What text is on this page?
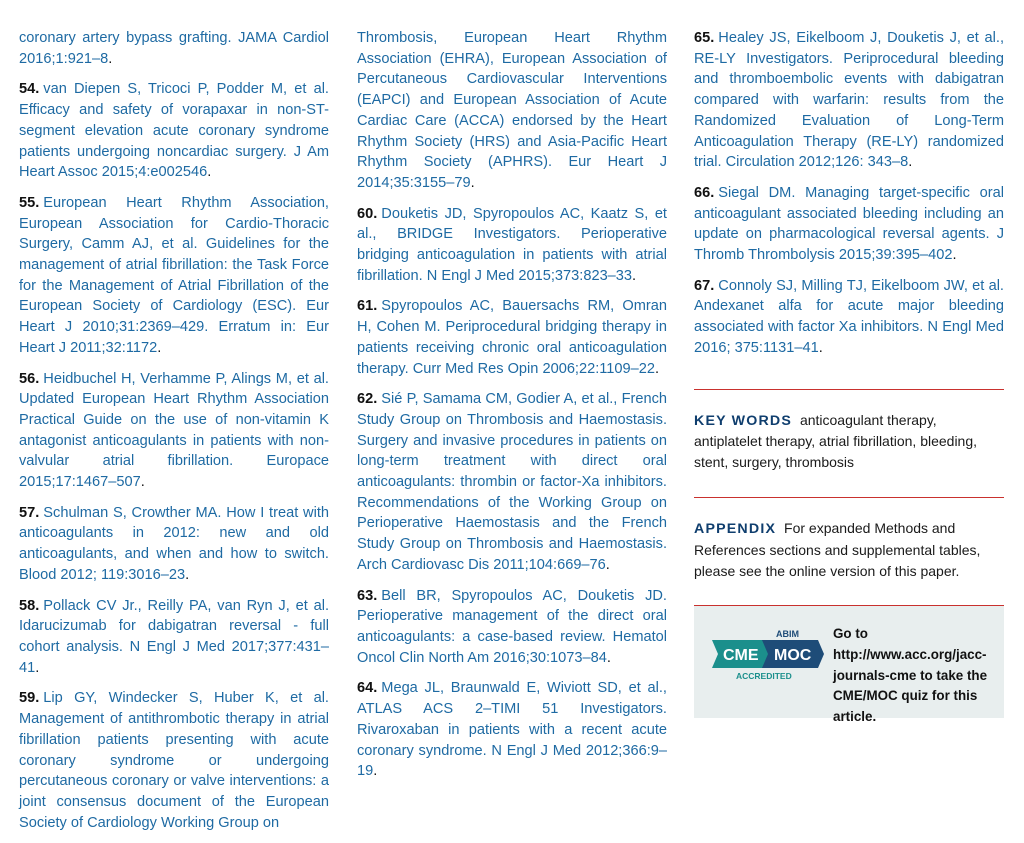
coronary artery bypass grafting. JAMA Cardiol 2016;1:921–8.

54. van Diepen S, Tricoci P, Podder M, et al. Efficacy and safety of vorapaxar in non-ST-segment elevation acute coronary syndrome patients undergoing noncardiac surgery. J Am Heart Assoc 2015;4:e002546.

55. European Heart Rhythm Association, European Association for Cardio-Thoracic Surgery, Camm AJ, et al. Guidelines for the management of atrial fibrillation: the Task Force for the Management of Atrial Fibrillation of the European Society of Cardiology (ESC). Eur Heart J 2010;31:2369–429. Erratum in: Eur Heart J 2011;32:1172.

56. Heidbuchel H, Verhamme P, Alings M, et al. Updated European Heart Rhythm Association Practical Guide on the use of non-vitamin K antagonist anticoagulants in patients with non-valvular atrial fibrillation. Europace 2015;17:1467–507.

57. Schulman S, Crowther MA. How I treat with anticoagulants in 2012: new and old anticoagulants, and when and how to switch. Blood 2012; 119:3016–23.

58. Pollack CV Jr., Reilly PA, van Ryn J, et al. Idarucizumab for dabigatran reversal - full cohort analysis. N Engl J Med 2017;377:431–41.

59. Lip GY, Windecker S, Huber K, et al. Management of antithrombotic therapy in atrial fibrillation patients presenting with acute coronary syndrome or undergoing percutaneous coronary or valve interventions: a joint consensus document of the European Society of Cardiology Working Group on

Thrombosis, European Heart Rhythm Association (EHRA), European Association of Percutaneous Cardiovascular Interventions (EAPCI) and European Association of Acute Cardiac Care (ACCA) endorsed by the Heart Rhythm Society (HRS) and Asia-Pacific Heart Rhythm Society (APHRS). Eur Heart J 2014;35:3155–79.

60. Douketis JD, Spyropoulos AC, Kaatz S, et al., BRIDGE Investigators. Perioperative bridging anticoagulation in patients with atrial fibrillation. N Engl J Med 2015;373:823–33.

61. Spyropoulos AC, Bauersachs RM, Omran H, Cohen M. Periprocedural bridging therapy in patients receiving chronic oral anticoagulation therapy. Curr Med Res Opin 2006;22:1109–22.

62. Sié P, Samama CM, Godier A, et al., French Study Group on Thrombosis and Haemostasis. Surgery and invasive procedures in patients on long-term treatment with direct oral anticoagulants: thrombin or factor-Xa inhibitors. Recommendations of the Working Group on Perioperative Haemostasis and the French Study Group on Thrombosis and Haemostasis. Arch Cardiovasc Dis 2011;104:669–76.

63. Bell BR, Spyropoulos AC, Douketis JD. Perioperative management of the direct oral anticoagulants: a case-based review. Hematol Oncol Clin North Am 2016;30:1073–84.

64. Mega JL, Braunwald E, Wiviott SD, et al., ATLAS ACS 2–TIMI 51 Investigators. Rivaroxaban in patients with a recent acute coronary syndrome. N Engl J Med 2012;366:9–19.

65. Healey JS, Eikelboom J, Douketis J, et al., RE-LY Investigators. Periprocedural bleeding and thromboembolic events with dabigatran compared with warfarin: results from the Randomized Evaluation of Long-Term Anticoagulation Therapy (RE-LY) randomized trial. Circulation 2012;126: 343–8.

66. Siegal DM. Managing target-specific oral anticoagulant associated bleeding including an update on pharmacological reversal agents. J Thromb Thrombolysis 2015;39:395–402.

67. Connoly SJ, Milling TJ, Eikelboom JW, et al. Andexanet alfa for acute major bleeding associated with factor Xa inhibitors. N Engl Med 2016; 375:1131–41.

KEY WORDS anticoagulant therapy, antiplatelet therapy, atrial fibrillation, bleeding, stent, surgery, thrombosis
APPENDIX For expanded Methods and References sections and supplemental tables, please see the online version of this paper.
ABIM
CME MOC
ACCREDITED
Go to http://www.acc.org/jacc-journals-cme to take the CME/MOC quiz for this article.
